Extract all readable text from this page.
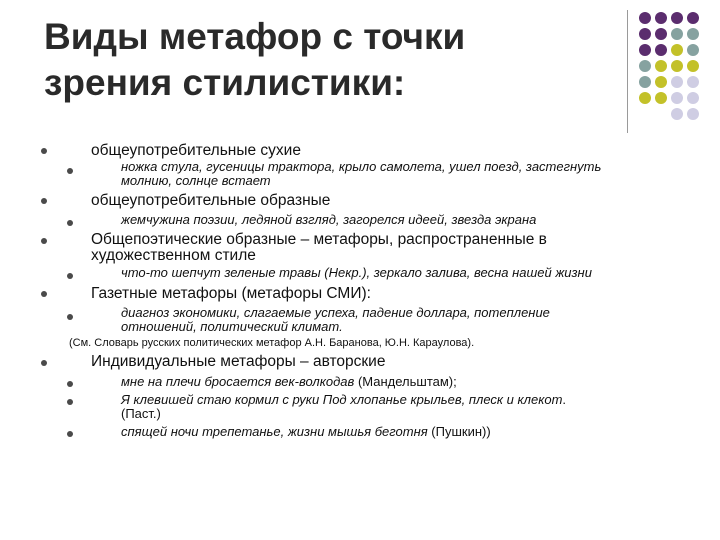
Виды метафор с точки
зрения стилистики:
общеупотребительные сухие
ножка стула, гусеницы трактора, крыло самолета, ушел поезд, застегнуть
молнию, солнце встает
общеупотребительные образные
жемчужина поэзии, ледяной взгляд, загорелся идеей, звезда экрана
Общепоэтические образные – метафоры, распространенные в
художественном стиле
что-то шепчут зеленые травы (Некр.), зеркало залива, весна нашей жизни
Газетные метафоры (метафоры СМИ):
диагноз экономики, слагаемые успеха, падение доллара, потепление
отношений, политический климат.
(См. Словарь русских политических метафор А.Н. Баранова, Ю.Н. Караулова).
Индивидуальные метафоры – авторские
мне на плечи бросается век-волкодав (Мандельштам);
Я клевишей стаю кормил с руки Под хлопанье крыльев, плеск и клекот.
(Паст.)
спящей ночи трепетанье, жизни мышья беготня (Пушкин))
